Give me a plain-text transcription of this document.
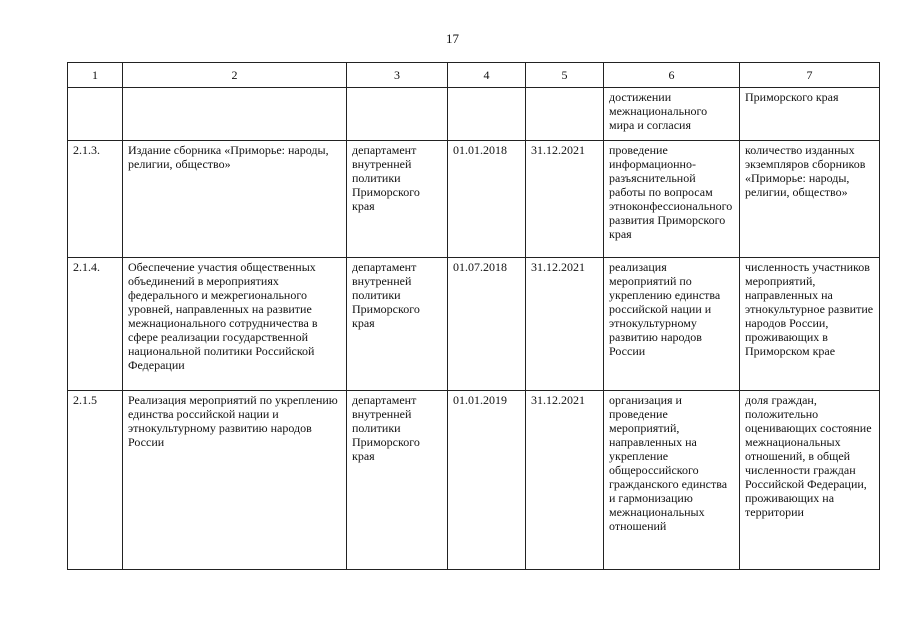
17
1	2	3	4	5	6	7
					достижении межнационального мира и согласия	Приморского края
2.1.3.	Издание сборника «Приморье: народы, религии, общество»	департамент внутренней политики Приморского края	01.01.2018	31.12.2021	проведение информационно-разъяснительной работы по вопросам этноконфессионального развития Приморского края	количество изданных экземпляров сборников «Приморье: народы, религии, общество»
2.1.4.	Обеспечение участия общественных объединений в мероприятиях федерального и межрегионального уровней, направленных на развитие межнационального сотрудничества в сфере реализации государственной национальной политики Российской Федерации	департамент внутренней политики Приморского края	01.07.2018	31.12.2021	реализация мероприятий по укреплению единства российской нации и этнокультурному развитию народов России	численность участников мероприятий, направленных на этнокультурное развитие народов России, проживающих в Приморском крае
2.1.5	Реализация мероприятий по укреплению единства российской нации и этнокультурному развитию народов России	департамент внутренней политики Приморского края	01.01.2019	31.12.2021	организация и проведение мероприятий, направленных на укрепление общероссийского гражданского единства и гармонизацию межнациональных отношений	доля граждан, положительно оценивающих состояние межнациональных отношений, в общей численности граждан Российской Федерации, проживающих на территории
